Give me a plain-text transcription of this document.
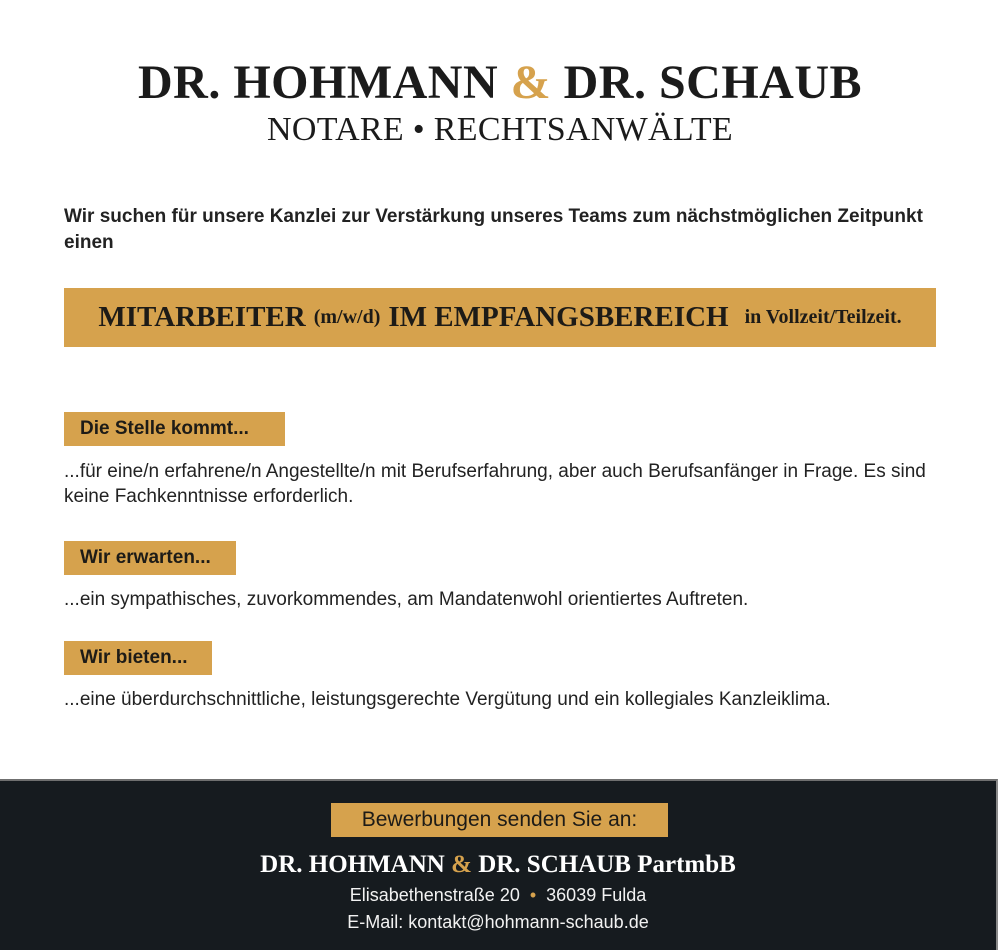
DR. HOHMANN & DR. SCHAUB
NOTARE • RECHTSANWÄLTE
Wir suchen für unsere Kanzlei zur Verstärkung unseres Teams zum nächstmöglichen Zeitpunkt einen
MITARBEITER (m/w/d) IM EMPFANGSBEREICH in Vollzeit/Teilzeit.
Die Stelle kommt...
...für eine/n erfahrene/n Angestellte/n mit Berufserfahrung, aber auch Berufsanfänger in Frage. Es sind keine Fachkenntnisse erforderlich.
Wir erwarten...
...ein sympathisches, zuvorkommendes, am Mandatenwohl orientiertes Auftreten.
Wir bieten...
...eine überdurchschnittliche, leistungsgerechte Vergütung und ein kollegiales Kanzleiklima.
Bewerbungen senden Sie an:
DR. HOHMANN & DR. SCHAUB PartmbB
Elisabethenstraße 20 • 36039 Fulda
E-Mail: kontakt@hohmann-schaub.de
